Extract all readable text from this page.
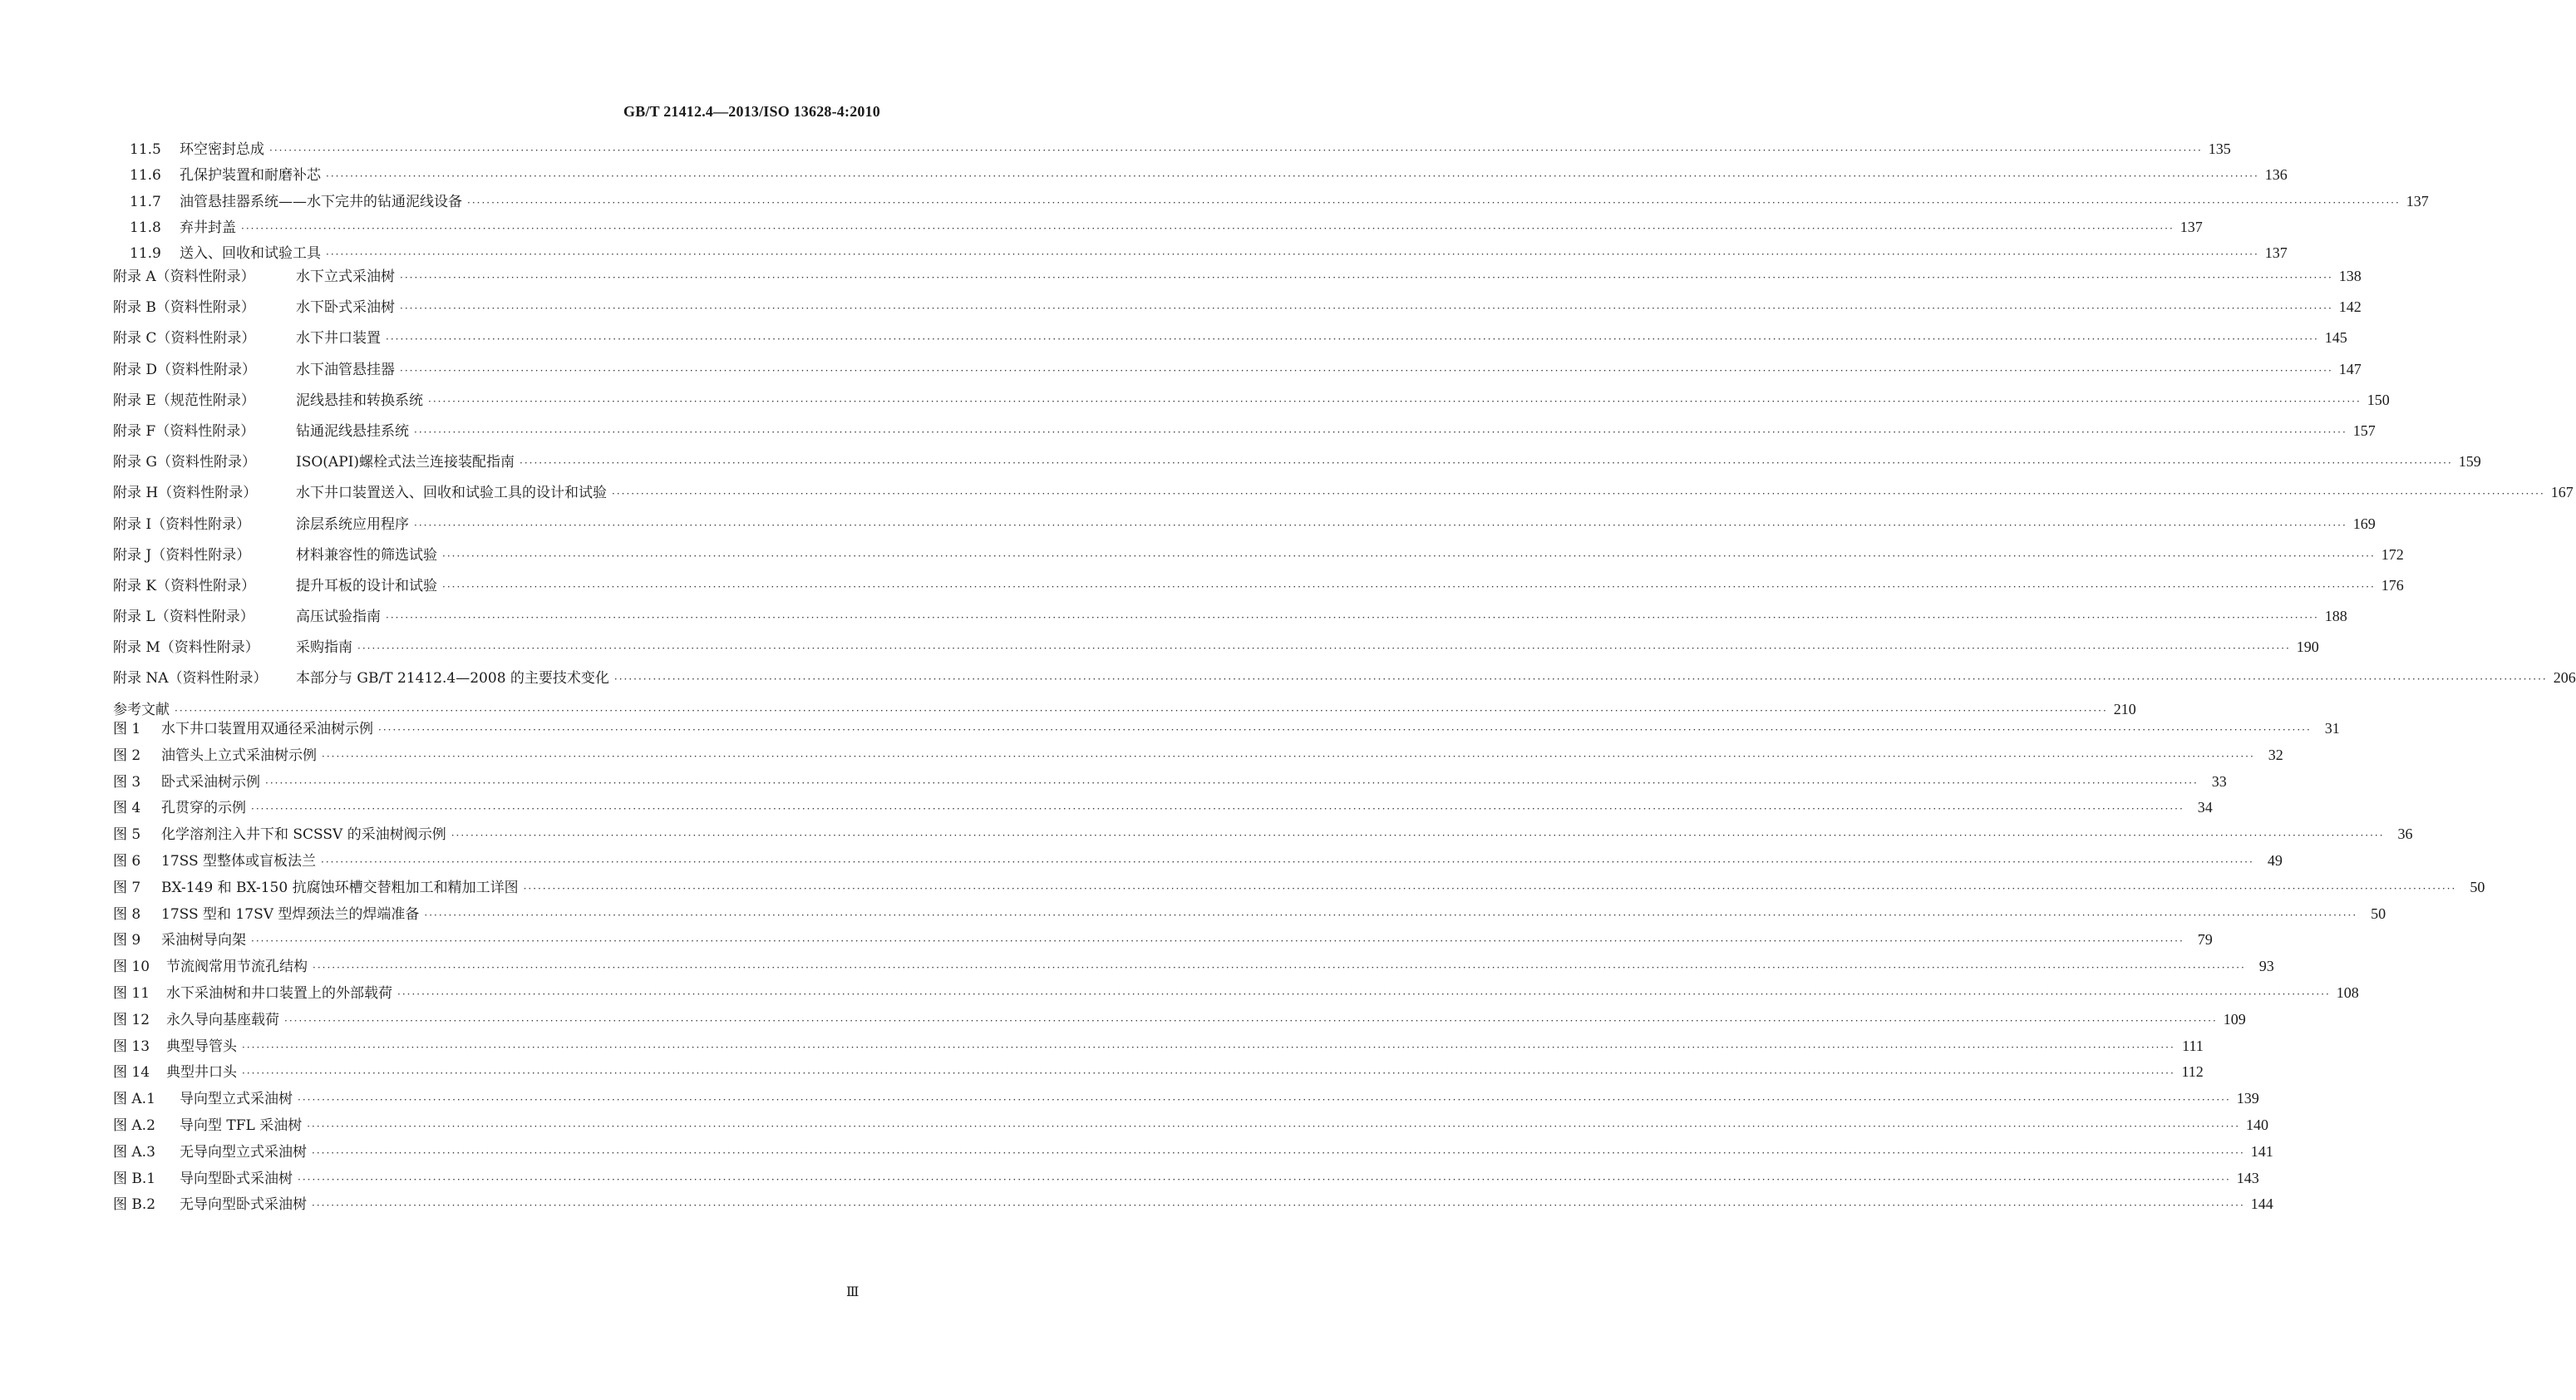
GB/T 21412.4—2013/ISO 13628-4:2010
11.5	环空密封总成 ················································································································································································································································································································································································································ 135
11.6	孔保护装置和耐磨补芯 ················································································································································································································································································································································································································ 136
11.7	油管悬挂器系统——水下完井的钻通泥线设备 ················································································································································································································································································································································································································ 137
11.8	弃井封盖 ················································································································································································································································································································································································································ 137
11.9	送入、回收和试验工具 ················································································································································································································································································································································································································ 137
附录 A（资料性附录）	水下立式采油树 ················································································································································································································································································································································································································ 138
附录 B（资料性附录）	水下卧式采油树 ················································································································································································································································································································································································································ 142
附录 C（资料性附录）	水下井口装置 ················································································································································································································································································································································································································ 145
附录 D（资料性附录）	水下油管悬挂器 ················································································································································································································································································································································································································ 147
附录 E（规范性附录）	泥线悬挂和转换系统 ················································································································································································································································································································································································································ 150
附录 F（资料性附录）	钻通泥线悬挂系统 ················································································································································································································································································································································································································ 157
附录 G（资料性附录）	ISO(API)螺栓式法兰连接装配指南 ················································································································································································································································································································································································································ 159
附录 H（资料性附录）	水下井口装置送入、回收和试验工具的设计和试验 ················································································································································································································································································································································································································ 167
附录 I（资料性附录）	涂层系统应用程序 ················································································································································································································································································································································································································ 169
附录 J（资料性附录）	材料兼容性的筛选试验 ················································································································································································································································································································································································································ 172
附录 K（资料性附录）	提升耳板的设计和试验 ················································································································································································································································································································································································································ 176
附录 L（资料性附录）	高压试验指南 ················································································································································································································································································································································································································ 188
附录 M（资料性附录）	采购指南 ················································································································································································································································································································································································································ 190
附录 NA（资料性附录）	本部分与 GB/T 21412.4—2008 的主要技术变化 ················································································································································································································································································································································································································ 206
参考文献 ················································································································································································································································································································································································································ 210
图 1	水下井口装置用双通径采油树示例 ················································································································································································································································································································································································································ 31
图 2	油管头上立式采油树示例 ················································································································································································································································································································································································································ 32
图 3	卧式采油树示例 ················································································································································································································································································································································································································ 33
图 4	孔贯穿的示例 ················································································································································································································································································································································································································ 34
图 5	化学溶剂注入井下和 SCSSV 的采油树阀示例 ················································································································································································································································································································································································································ 36
图 6	17SS 型整体或盲板法兰 ················································································································································································································································································································································································································ 49
图 7	BX-149 和 BX-150 抗腐蚀环槽交替粗加工和精加工详图 ················································································································································································································································································································································································································ 50
图 8	17SS 型和 17SV 型焊颈法兰的焊端准备 ················································································································································································································································································································································································································ 50
图 9	采油树导向架 ················································································································································································································································································································································································································ 79
图 10	节流阀常用节流孔结构 ················································································································································································································································································································································································································ 93
图 11	水下采油树和井口装置上的外部载荷 ················································································································································································································································································································································································································ 108
图 12	永久导向基座载荷 ················································································································································································································································································································································································································ 109
图 13	典型导管头 ················································································································································································································································································································································································································ 111
图 14	典型井口头 ················································································································································································································································································································································································································ 112
图 A.1	导向型立式采油树 ················································································································································································································································································································································································································ 139
图 A.2	导向型 TFL 采油树 ················································································································································································································································································································································································································ 140
图 A.3	无导向型立式采油树 ················································································································································································································································································································································································································ 141
图 B.1	导向型卧式采油树 ················································································································································································································································································································································································································ 143
图 B.2	无导向型卧式采油树 ················································································································································································································································································································································································································ 144
Ⅲ
